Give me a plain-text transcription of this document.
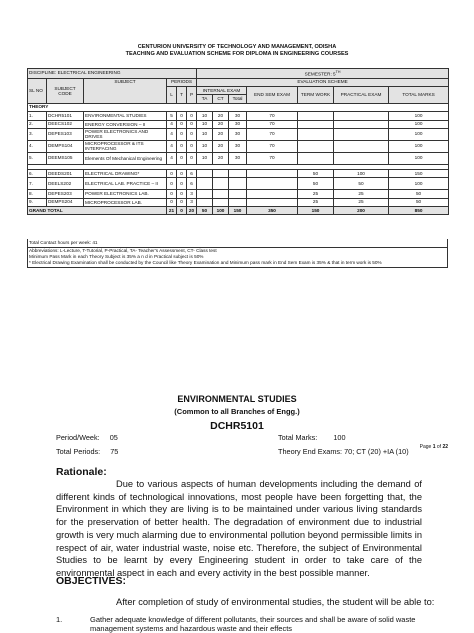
CENTURION UNIVERSITY OF TECHNOLOGY AND MANAGEMENT, ODISHA
TEACHING AND EVALUATION SCHEME FOR DIPLOMA IN ENGINEERING COURSES
DISCIPLINE: ELECTRICAL ENGINEERING						SEMESTER: 5TH
SL NO	SUBJECT CODE	SUBJECT	PERIODS			EVALUATION SCHEME						
			L	T	P	INTERNAL EXAM			END SEM EXAM	TERM WORK	PRACTICAL EXAM	TOTAL MARKS
						TA	CT	Total				
THEORY												
1.	DCHR5101	ENVIRONMENTAL STUDIES	5	0	0	10	20	30	70			100
2.	DEECS102	ENERGY CONVERSION – II	4	0	0	10	20	30	70			100
3.	DEPES103	POWER ELECTRONICS AND DRIVES	4	0	0	10	20	30	70			100
4.	DEMPS104	MICROPROCESSOR & ITS INTERFACING	4	0	0	10	20	30	70			100
5.	DEEMS105	Elements Of Mechanical Engineering	4	0	0	10	20	30	70			100

6.	DEEDS201	ELECTRICAL DRAWING*	0	0	6					50	100	150
7.	DEELS202	ELECTRICAL LAB. PRACTICE – II	0	0	6					50	50	100
8.	DEPES203	POWER ELECTRONICS LAB.	0	0	3					25	25	50
9.	DEMPS204	MICROPROCESSOR LAB.	0	0	3					25	25	50
GRAND TOTAL			21	0	20	50	100	150	350	150	200	850
Total Contact hours per week: 41
Abbreviations: L-Lecture, T-Tutorial, P-Practical, TA- Teacher's Assessment, CT- Class test
Minimum Pass Mark in each Theory Subject is 35% a n d in Practical subject is 50%
* Electrical Drawing Examination shall be conducted by the Council like Theory Examination and Minimum pass mark in End Sem Exam is 35% & that in term work is 50%
Page 1 of 22
ENVIRONMENTAL STUDIES
(Common to all Branches of Engg.)
DCHR5101
Period/Week: 05	Total Marks: 100
Total Periods: 75	Theory End Exams: 70; CT (20) +IA (10)
Rationale:
Due to various aspects of human developments including the demand of different kinds of technological innovations, most people have been forgetting that, the Environment in which they are living is to be maintained under various living standards for the preservation of better health. The degradation of environment due to industrial growth is very much alarming due to environmental pollution beyond permissible limits in respect of air, water industrial waste, noise etc. Therefore, the subject of Environmental Studies to be learnt by every Engineering student in order to take care of the environmental aspect in each and every activity in the best possible manner.
OBJECTIVES:
After completion of study of environmental studies, the student will be able to:
1.	Gather adequate knowledge of different pollutants, their sources and shall be aware of solid waste management systems and hazardous waste and their effects
